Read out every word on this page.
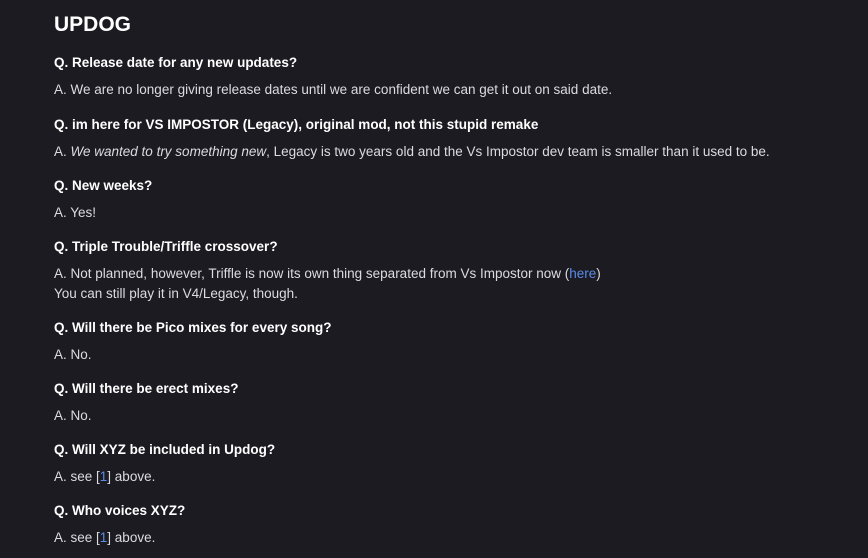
UPDOG
Q. Release date for any new updates?
A. We are no longer giving release dates until we are confident we can get it out on said date.
Q. im here for VS IMPOSTOR (Legacy), original mod, not this stupid remake
A. We wanted to try something new, Legacy is two years old and the Vs Impostor dev team is smaller than it used to be.
Q. New weeks?
A. Yes!
Q. Triple Trouble/Triffle crossover?
A. Not planned, however, Triffle is now its own thing separated from Vs Impostor now (here)
You can still play it in V4/Legacy, though.
Q. Will there be Pico mixes for every song?
A. No.
Q. Will there be erect mixes?
A. No.
Q. Will XYZ be included in Updog?
A. see [1] above.
Q. Who voices XYZ?
A. see [1] above.
